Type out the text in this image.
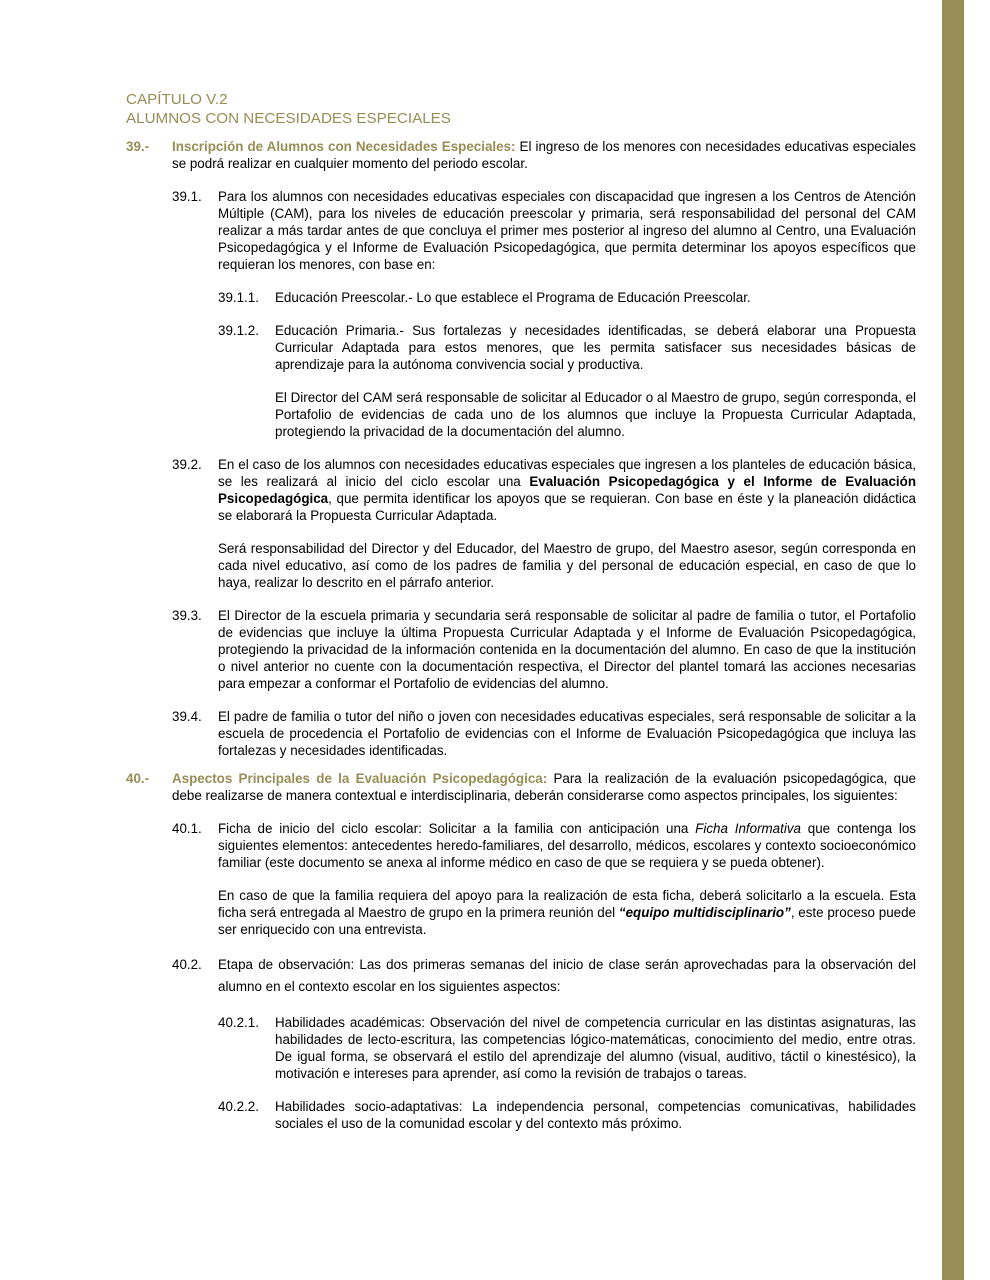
CAPÍTULO V.2
ALUMNOS CON NECESIDADES ESPECIALES
39.- Inscripción de Alumnos con Necesidades Especiales: El ingreso de los menores con necesidades educativas especiales se podrá realizar en cualquier momento del periodo escolar.
39.1. Para los alumnos con necesidades educativas especiales con discapacidad que ingresen a los Centros de Atención Múltiple (CAM), para los niveles de educación preescolar y primaria, será responsabilidad del personal del CAM realizar a más tardar antes de que concluya el primer mes posterior al ingreso del alumno al Centro, una Evaluación Psicopedagógica y el Informe de Evaluación Psicopedagógica, que permita determinar los apoyos específicos que requieran los menores, con base en:
39.1.1. Educación Preescolar.- Lo que establece el Programa de Educación Preescolar.
39.1.2. Educación Primaria.- Sus fortalezas y necesidades identificadas, se deberá elaborar una Propuesta Curricular Adaptada para estos menores, que les permita satisfacer sus necesidades básicas de aprendizaje para la autónoma convivencia social y productiva.
El Director del CAM será responsable de solicitar al Educador o al Maestro de grupo, según corresponda, el Portafolio de evidencias de cada uno de los alumnos que incluye la Propuesta Curricular Adaptada, protegiendo la privacidad de la documentación del alumno.
39.2. En el caso de los alumnos con necesidades educativas especiales que ingresen a los planteles de educación básica, se les realizará al inicio del ciclo escolar una Evaluación Psicopedagógica y el Informe de Evaluación Psicopedagógica, que permita identificar los apoyos que se requieran. Con base en éste y la planeación didáctica se elaborará la Propuesta Curricular Adaptada.
Será responsabilidad del Director y del Educador, del Maestro de grupo, del Maestro asesor, según corresponda en cada nivel educativo, así como de los padres de familia y del personal de educación especial, en caso de que lo haya, realizar lo descrito en el párrafo anterior.
39.3. El Director de la escuela primaria y secundaria será responsable de solicitar al padre de familia o tutor, el Portafolio de evidencias que incluye la última Propuesta Curricular Adaptada y el Informe de Evaluación Psicopedagógica, protegiendo la privacidad de la información contenida en la documentación del alumno. En caso de que la institución o nivel anterior no cuente con la documentación respectiva, el Director del plantel tomará las acciones necesarias para empezar a conformar el Portafolio de evidencias del alumno.
39.4. El padre de familia o tutor del niño o joven con necesidades educativas especiales, será responsable de solicitar a la escuela de procedencia el Portafolio de evidencias con el Informe de Evaluación Psicopedagógica que incluya las fortalezas y necesidades identificadas.
40.- Aspectos Principales de la Evaluación Psicopedagógica: Para la realización de la evaluación psicopedagógica, que debe realizarse de manera contextual e interdisciplinaria, deberán considerarse como aspectos principales, los siguientes:
40.1. Ficha de inicio del ciclo escolar: Solicitar a la familia con anticipación una Ficha Informativa que contenga los siguientes elementos: antecedentes heredo-familiares, del desarrollo, médicos, escolares y contexto socioeconómico familiar (este documento se anexa al informe médico en caso de que se requiera y se pueda obtener).
En caso de que la familia requiera del apoyo para la realización de esta ficha, deberá solicitarlo a la escuela. Esta ficha será entregada al Maestro de grupo en la primera reunión del “equipo multidisciplinario”, este proceso puede ser enriquecido con una entrevista.
40.2. Etapa de observación: Las dos primeras semanas del inicio de clase serán aprovechadas para la observación del alumno en el contexto escolar en los siguientes aspectos:
40.2.1. Habilidades académicas: Observación del nivel de competencia curricular en las distintas asignaturas, las habilidades de lecto-escritura, las competencias lógico-matemáticas, conocimiento del medio, entre otras. De igual forma, se observará el estilo del aprendizaje del alumno (visual, auditivo, táctil o kinestésico), la motivación e intereses para aprender, así como la revisión de trabajos o tareas.
40.2.2. Habilidades socio-adaptativas: La independencia personal, competencias comunicativas, habilidades sociales el uso de la comunidad escolar y del contexto más próximo.
